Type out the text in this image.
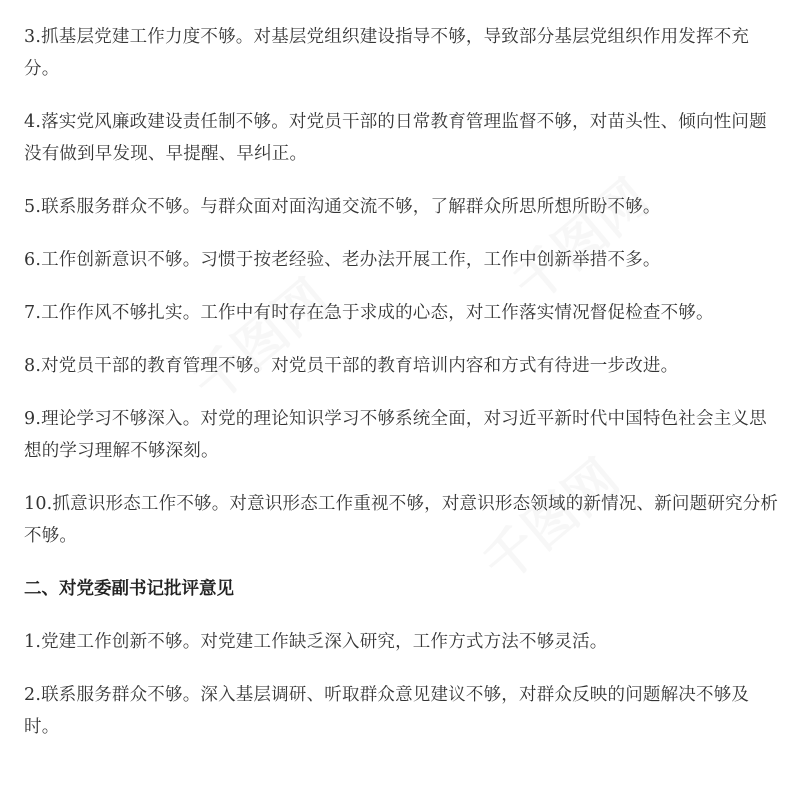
千图网
千图网
千图网

3.抓基层党建工作力度不够。对基层党组织建设指导不够，导致部分基层党组织作用发挥不充分。

4.落实党风廉政建设责任制不够。对党员干部的日常教育管理监督不够，对苗头性、倾向性问题没有做到早发现、早提醒、早纠正。

5.联系服务群众不够。与群众面对面沟通交流不够，了解群众所思所想所盼不够。

6.工作创新意识不够。习惯于按老经验、老办法开展工作，工作中创新举措不多。

7.工作作风不够扎实。工作中有时存在急于求成的心态，对工作落实情况督促检查不够。

8.对党员干部的教育管理不够。对党员干部的教育培训内容和方式有待进一步改进。

9.理论学习不够深入。对党的理论知识学习不够系统全面，对习近平新时代中国特色社会主义思想的学习理解不够深刻。

10.抓意识形态工作不够。对意识形态工作重视不够，对意识形态领域的新情况、新问题研究分析不够。

二、对党委副书记批评意见

1.党建工作创新不够。对党建工作缺乏深入研究，工作方式方法不够灵活。

2.联系服务群众不够。深入基层调研、听取群众意见建议不够，对群众反映的问题解决不够及时。
